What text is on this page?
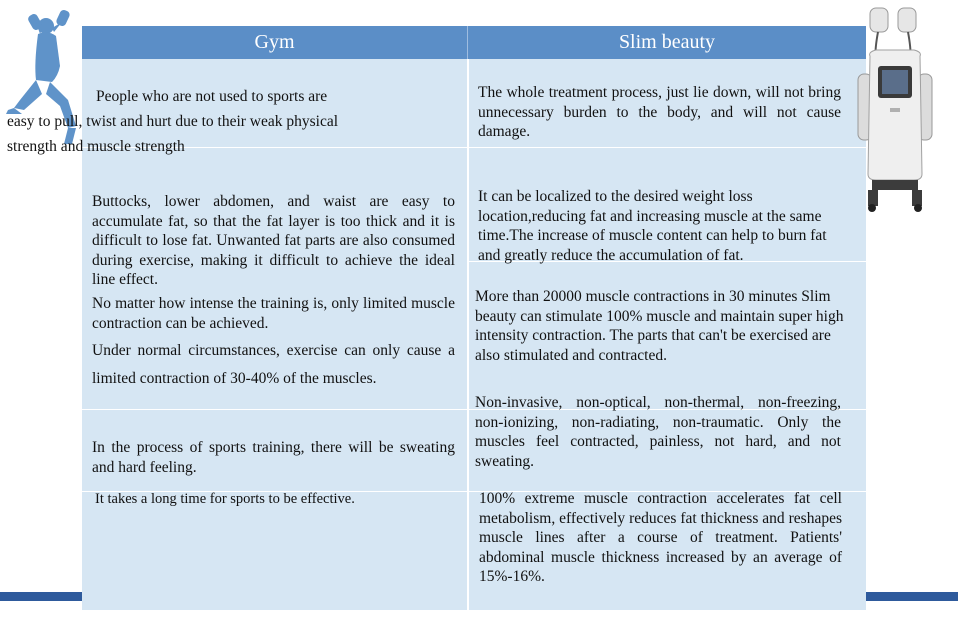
Gym	Slim beauty
People who are not used to sports are
Buttocks, lower abdomen, and waist are easy to accumulate fat, so that the fat layer is too thick and it is difficult to lose fat. Unwanted fat parts are also consumed during exercise, making it difficult to achieve the ideal line effect.
No matter how intense the training is, only limited muscle contraction can be achieved.
Under normal circumstances, exercise can only cause a limited contraction of 30-40% of the muscles.
In the process of sports training, there will be sweating and hard feeling.
It takes a long time for sports to be effective.
The whole treatment process, just lie down, will not bring unnecessary burden to the body, and will not cause damage.
It can be localized to the desired weight loss location,reducing fat and increasing muscle at the same time.The increase of muscle content can help to burn fat and greatly reduce the accumulation of fat.
More than 20000 muscle contractions in 30 minutes Slim beauty can stimulate 100% muscle and maintain super high intensity contraction. The parts that can't be exercised are also stimulated and contracted.
Non-invasive, non-optical, non-thermal, non-freezing, non-ionizing, non-radiating, non-traumatic. Only the muscles feel contracted, painless, not hard, and not sweating.
100% extreme muscle contraction accelerates fat cell metabolism, effectively reduces fat thickness and reshapes muscle lines after a course of treatment. Patients' abdominal muscle thickness increased by an average of 15%-16%.
easy to pull, twist and hurt due to their weak physical
strength and muscle strength
